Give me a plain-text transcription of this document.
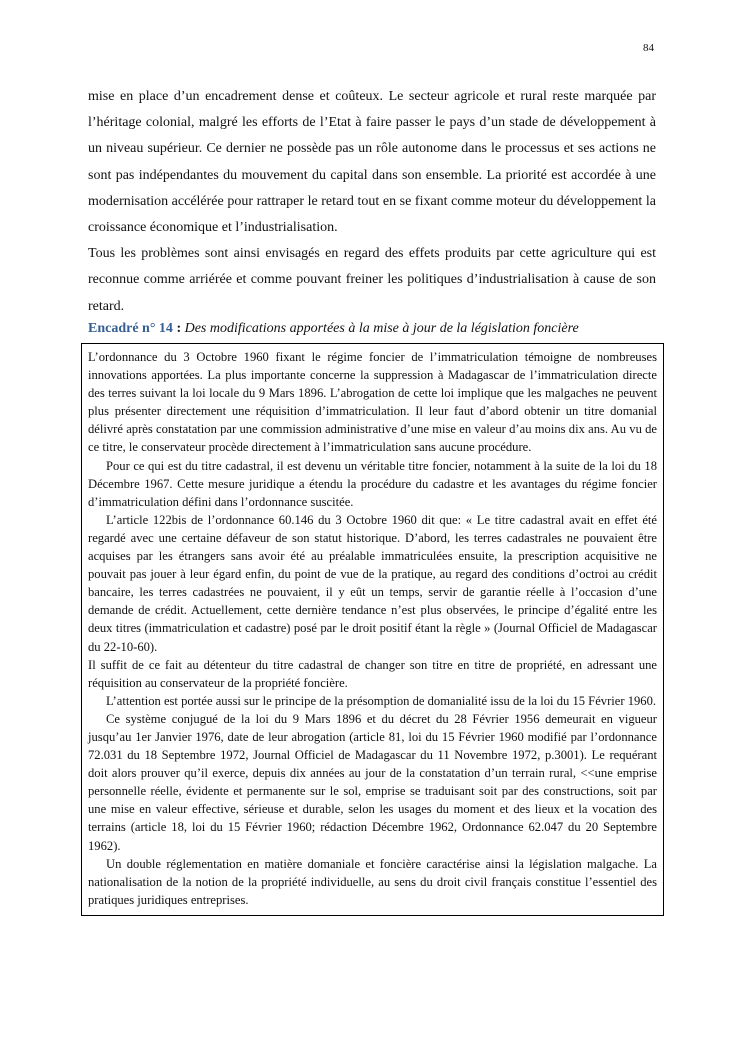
84

mise en place d’un encadrement dense et coûteux. Le secteur agricole et rural reste marquée par l’héritage colonial, malgré les efforts de l’Etat à faire passer le pays d’un stade de développement à un niveau supérieur. Ce dernier ne possède pas un rôle autonome dans le processus et ses actions ne sont pas indépendantes du mouvement du capital dans son ensemble. La priorité est accordée à une modernisation accélérée pour rattraper le retard tout en se fixant comme moteur du développement la croissance économique et l’industrialisation.

Tous les problèmes sont ainsi envisagés en regard des effets produits par cette agriculture qui est reconnue comme arriérée et comme pouvant freiner les politiques d’industrialisation à cause de son retard.

Encadré n° 14 : Des modifications apportées à la mise à jour de la législation foncière

L’ordonnance du 3 Octobre 1960 fixant le régime foncier de l’immatriculation témoigne de nombreuses innovations apportées. La plus importante concerne la suppression à Madagascar de l’immatriculation directe des terres suivant la loi locale du 9 Mars 1896. L’abrogation de cette loi implique que les malgaches ne peuvent plus présenter directement une réquisition d’immatriculation. Il leur faut d’abord obtenir un titre domanial délivré après constatation par une commission administrative d’une mise en valeur d’au moins dix ans. Au vu de ce titre, le conservateur procède directement à l’immatriculation sans aucune procédure.

Pour ce qui est du titre cadastral, il est devenu un véritable titre foncier, notamment à la suite de la loi du 18 Décembre 1967. Cette mesure juridique a étendu la procédure du cadastre et les avantages du régime foncier d’immatriculation défini dans l’ordonnance suscitée.

L’article 122bis de l’ordonnance 60.146 du 3 Octobre 1960 dit que: « Le titre cadastral avait en effet été regardé avec une certaine défaveur de son statut historique. D’abord, les terres cadastrales ne pouvaient être acquises par les étrangers sans avoir été au préalable immatriculées ensuite, la prescription acquisitive ne pouvait pas jouer à leur égard enfin, du point de vue de la pratique, au regard des conditions d’octroi au crédit bancaire, les terres cadastrées ne pouvaient, il y eût un temps, servir de garantie réelle à l’occasion d’une demande de crédit. Actuellement, cette dernière tendance n’est plus observées, le principe d’égalité entre les deux titres (immatriculation et cadastre) posé par le droit positif étant la règle » (Journal Officiel de Madagascar du 22-10-60).

Il suffit de ce fait au détenteur du titre cadastral de changer son titre en titre de propriété, en adressant une réquisition au conservateur de la propriété foncière.

L’attention est portée aussi sur le principe de la présomption de domanialité issu de la loi du 15 Février 1960.

Ce système conjugué de la loi du 9 Mars 1896 et du décret du 28 Février 1956 demeurait en vigueur jusqu’au 1er Janvier 1976, date de leur abrogation (article 81, loi du 15 Février 1960 modifié par l’ordonnance 72.031 du 18 Septembre 1972, Journal Officiel de Madagascar du 11 Novembre 1972, p.3001). Le requérant doit alors prouver qu’il exerce, depuis dix années au jour de la constatation d’un terrain rural, <<une emprise personnelle réelle, évidente et permanente sur le sol, emprise se traduisant soit par des constructions, soit par une mise en valeur effective, sérieuse et durable, selon les usages du moment et des lieux et la vocation des terrains (article 18, loi du 15 Février 1960; rédaction Décembre 1962, Ordonnance 62.047 du 20 Septembre 1962).

Un double réglementation en matière domaniale et foncière caractérise ainsi la législation malgache. La nationalisation de la notion de la propriété individuelle, au sens du droit civil français constitue l’essentiel des pratiques juridiques entreprises.
